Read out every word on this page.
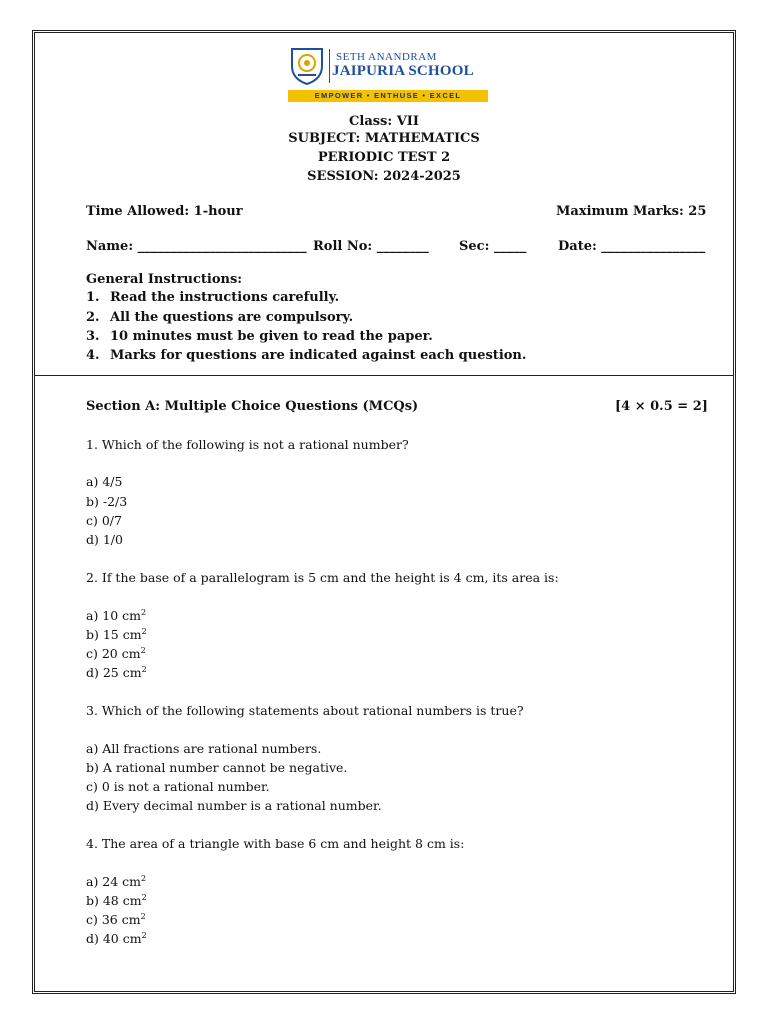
SETH ANANDRAM
JAIPURIA SCHOOL
EMPOWER • ENTHUSE • EXCEL
Class: VII
SUBJECT: MATHEMATICS
PERIODIC TEST 2
SESSION: 2024-2025
Time Allowed: 1-hour	Maximum Marks: 25
Name: __________________________ Roll No: ________ Sec: _____ Date: ________________
General Instructions:
1. Read the instructions carefully.
2. All the questions are compulsory.
3. 10 minutes must be given to read the paper.
4. Marks for questions are indicated against each question.
Section A: Multiple Choice Questions (MCQs)	[4 × 0.5 = 2]
1. Which of the following is not a rational number?
a) 4/5
b) -2/3
c) 0/7
d) 1/0
2. If the base of a parallelogram is 5 cm and the height is 4 cm, its area is:
a) 10 $cm^2$
b) 15 $cm^2$
c) 20 $cm^2$
d) 25 $cm^2$
3. Which of the following statements about rational numbers is true?
a) All fractions are rational numbers.
b) A rational number cannot be negative.
c) 0 is not a rational number.
d) Every decimal number is a rational number.
4. The area of a triangle with base 6 cm and height 8 cm is:
a) 24 $cm^2$
b) 48 $cm^2$
c) 36 $cm^2$
d) 40 $cm^2$
